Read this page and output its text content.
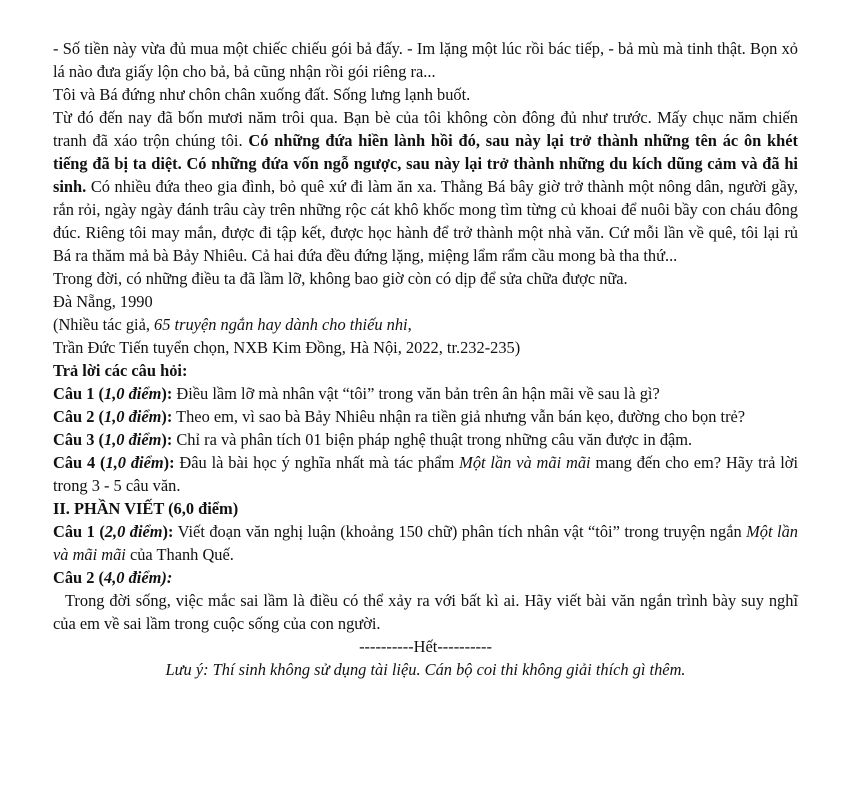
- Số tiền này vừa đủ mua một chiếc chiếu gói bả đấy. - Im lặng một lúc rồi bác tiếp, - bả mù mà tinh thật. Bọn xỏ lá nào đưa giấy lộn cho bả, bả cũng nhận rồi gói riêng ra...

Tôi và Bá đứng như chôn chân xuống đất. Sống lưng lạnh buốt.

Từ đó đến nay đã bốn mươi năm trôi qua. Bạn bè của tôi không còn đông đủ như trước. Mấy chục năm chiến tranh đã xáo trộn chúng tôi. Có những đứa hiền lành hồi đó, sau này lại trở thành những tên ác ôn khét tiếng đã bị ta diệt. Có những đứa vốn ngỗ ngược, sau này lại trở thành những du kích dũng cảm và đã hi sinh. Có nhiều đứa theo gia đình, bỏ quê xứ đi làm ăn xa. Thằng Bá bây giờ trở thành một nông dân, người gầy, rắn rỏi, ngày ngày đánh trâu cày trên những rộc cát khô khốc mong tìm từng củ khoai để nuôi bầy con cháu đông đúc. Riêng tôi may mắn, được đi tập kết, được học hành để trở thành một nhà văn. Cứ mỗi lần về quê, tôi lại rủ Bá ra thăm mả bà Bảy Nhiêu. Cả hai đứa đều đứng lặng, miệng lẩm rẩm cầu mong bà tha thứ...

Trong đời, có những điều ta đã lầm lỡ, không bao giờ còn có dịp để sửa chữa được nữa.

Đà Nẵng, 1990

(Nhiều tác giả, 65 truyện ngắn hay dành cho thiếu nhi,

Trần Đức Tiến tuyển chọn, NXB Kim Đồng, Hà Nội, 2022, tr.232-235)

Trả lời các câu hỏi:

Câu 1 (1,0 điểm): Điều lầm lỡ mà nhân vật “tôi” trong văn bản trên ân hận mãi về sau là gì?

Câu 2 (1,0 điểm): Theo em, vì sao bà Bảy Nhiêu nhận ra tiền giả nhưng vẫn bán kẹo, đường cho bọn trẻ?

Câu 3 (1,0 điểm): Chỉ ra và phân tích 01 biện pháp nghệ thuật trong những câu văn được in đậm.

Câu 4 (1,0 điểm): Đâu là bài học ý nghĩa nhất mà tác phẩm Một lần và mãi mãi mang đến cho em? Hãy trả lời trong 3 - 5 câu văn.

II. PHẦN VIẾT (6,0 điểm)

Câu 1 (2,0 điểm): Viết đoạn văn nghị luận (khoảng 150 chữ) phân tích nhân vật “tôi” trong truyện ngắn Một lần và mãi mãi của Thanh Quế.

Câu 2 (4,0 điểm):

Trong đời sống, việc mắc sai lầm là điều có thể xảy ra với bất kì ai. Hãy viết bài văn ngắn trình bày suy nghĩ của em về sai lầm trong cuộc sống của con người.

----------Hết----------

Lưu ý: Thí sinh không sử dụng tài liệu. Cán bộ coi thi không giải thích gì thêm.
